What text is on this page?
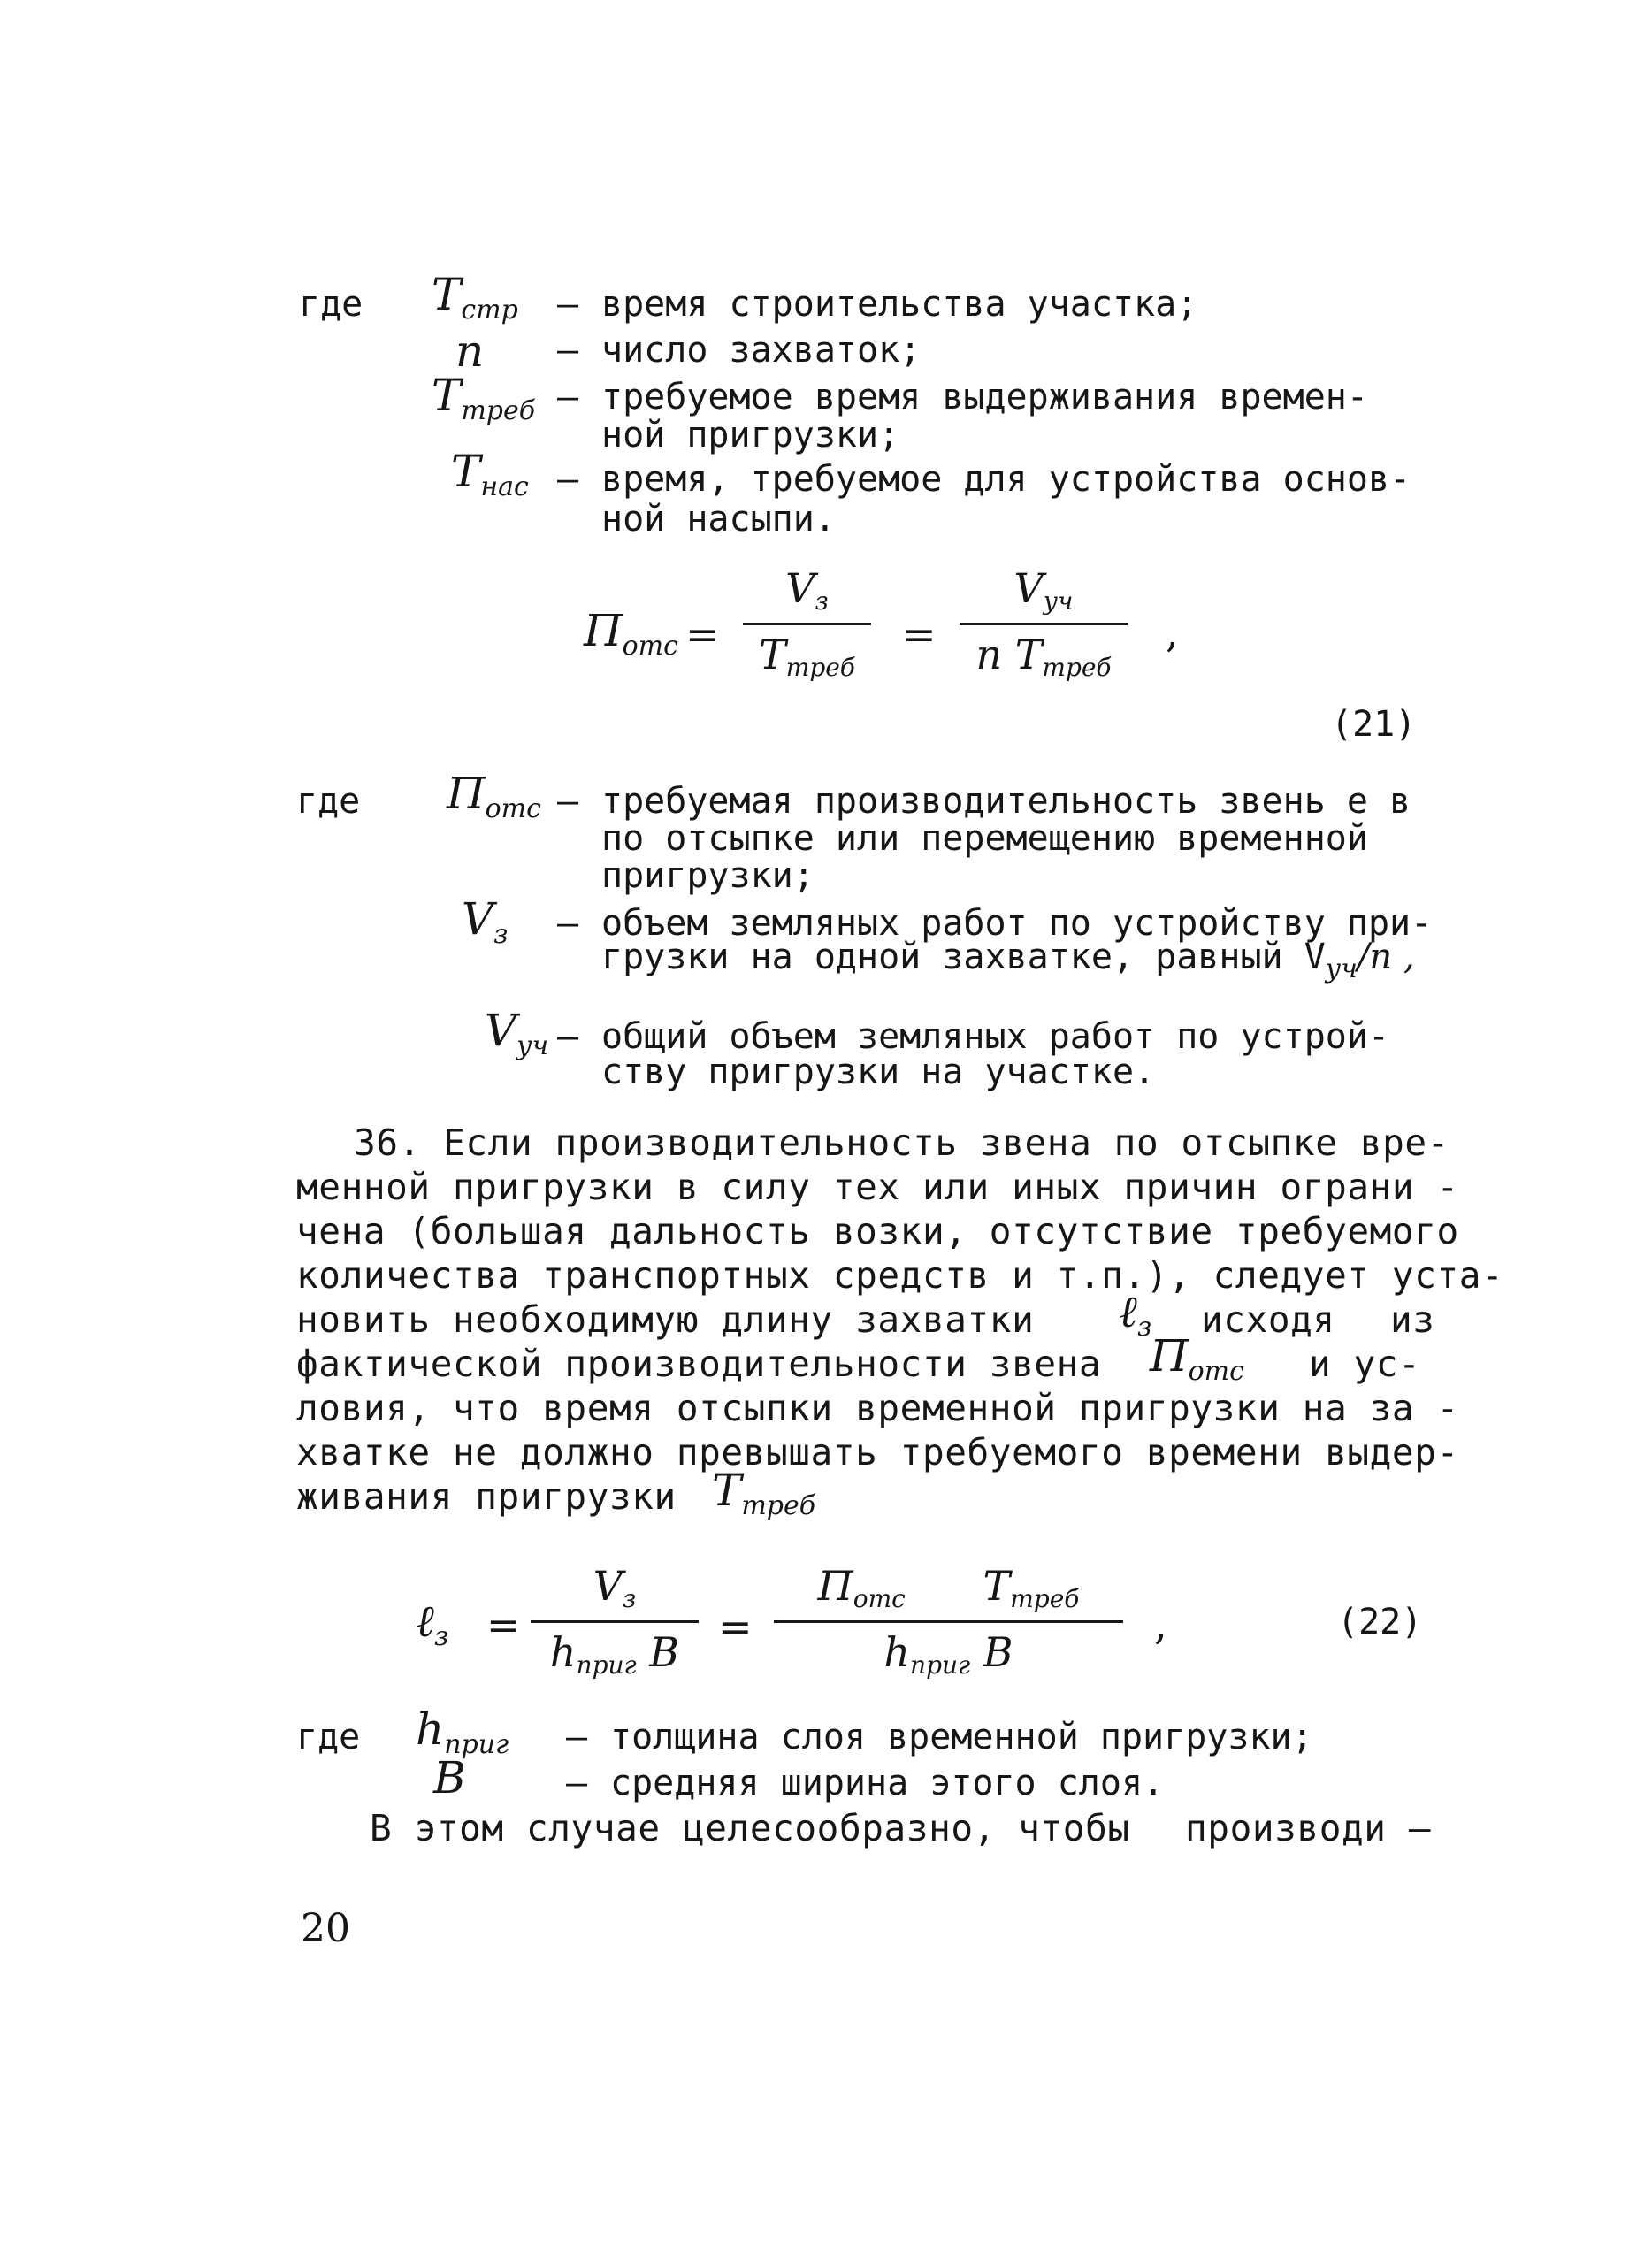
где $T_{стр}$ – время строительства участка;
n – число захваток;
$T_{треб}$ – требуемое время выдерживания времен-
ной пригрузки;
$T_{нас}$ – время, требуемое для устройства основ-
ной насыпи.
$П_{отс}$ =
$V_з$
$T_{треб}$
=
$V_{уч}$
n $T_{треб}$
,
(21)
где $П_{отс}$ – требуемая производительность звень е в
по отсыпке или перемещению временной
пригрузки;
$V_з$ – объем земляных работ по устройству при-
грузки на одной захватке, равный $V_{уч}/n$ ,
$V_{уч}$ – общий объем земляных работ по устрой-
ству пригрузки на участке.
36. Если производительность звена по отсыпке вре-
менной пригрузки в силу тех или иных причин ограни -
чена (большая дальность возки, отсутствие требуемого
количества транспортных средств и т.п.), следует уста-
новить необходимую длину захватки ℓ$_з$ исходя из
фактической производительности звена $П_{отс}$ и ус-
ловия, что время отсыпки временной пригрузки на за -
хватке не должно превышать требуемого времени выдер-
живания пригрузки $T_{треб}$
ℓ$_з$ =
$V_з$
$h_{приг}$ B
=
$П_{отс}$      $T_{треб}$
$h_{приг}$ B
,	(22)
где $h_{приг}$ – толщина слоя временной пригрузки;
B	– средняя ширина этого слоя.
В этом случае целесообразно, чтобы производи –
20
